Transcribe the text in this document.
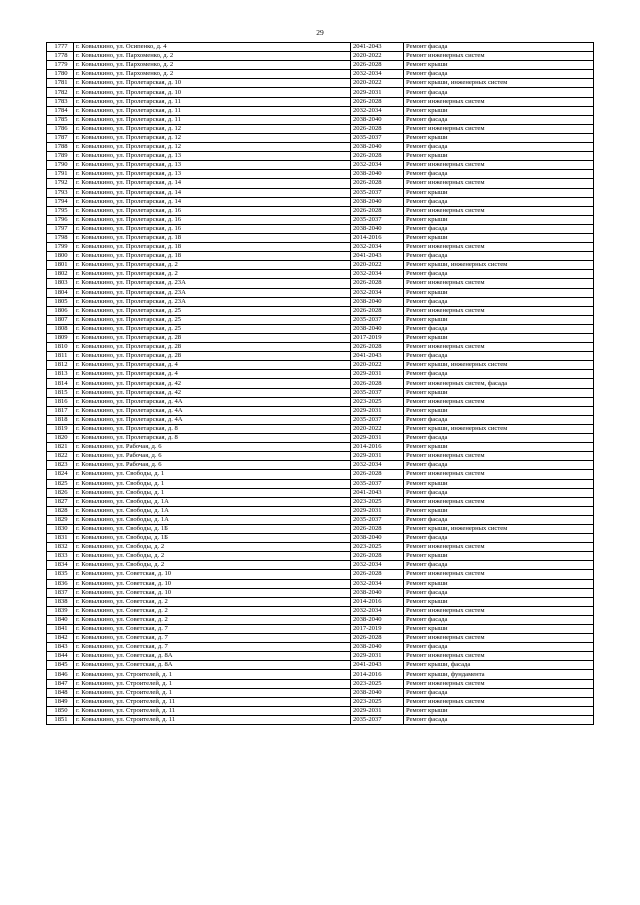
29
1777	г. Ковылкино, ул. Осипенко, д. 4	2041-2043	Ремонт фасада
1778	г. Ковылкино, ул. Пархоменко, д. 2	2020-2022	Ремонт инженерных систем
1779	г. Ковылкино, ул. Пархоменко, д. 2	2026-2028	Ремонт крыши
1780	г. Ковылкино, ул. Пархоменко, д. 2	2032-2034	Ремонт фасада
1781	г. Ковылкино, ул. Пролетарская, д. 10	2020-2022	Ремонт крыши, инженерных систем
1782	г. Ковылкино, ул. Пролетарская, д. 10	2029-2031	Ремонт фасада
1783	г. Ковылкино, ул. Пролетарская, д. 11	2026-2028	Ремонт инженерных систем
1784	г. Ковылкино, ул. Пролетарская, д. 11	2032-2034	Ремонт крыши
1785	г. Ковылкино, ул. Пролетарская, д. 11	2038-2040	Ремонт фасада
1786	г. Ковылкино, ул. Пролетарская, д. 12	2026-2028	Ремонт инженерных систем
1787	г. Ковылкино, ул. Пролетарская, д. 12	2035-2037	Ремонт крыши
1788	г. Ковылкино, ул. Пролетарская, д. 12	2038-2040	Ремонт фасада
1789	г. Ковылкино, ул. Пролетарская, д. 13	2026-2028	Ремонт крыши
1790	г. Ковылкино, ул. Пролетарская, д. 13	2032-2034	Ремонт инженерных систем
1791	г. Ковылкино, ул. Пролетарская, д. 13	2038-2040	Ремонт фасада
1792	г. Ковылкино, ул. Пролетарская, д. 14	2026-2028	Ремонт инженерных систем
1793	г. Ковылкино, ул. Пролетарская, д. 14	2035-2037	Ремонт крыши
1794	г. Ковылкино, ул. Пролетарская, д. 14	2038-2040	Ремонт фасада
1795	г. Ковылкино, ул. Пролетарская, д. 16	2026-2028	Ремонт инженерных систем
1796	г. Ковылкино, ул. Пролетарская, д. 16	2035-2037	Ремонт крыши
1797	г. Ковылкино, ул. Пролетарская, д. 16	2038-2040	Ремонт фасада
1798	г. Ковылкино, ул. Пролетарская, д. 18	2014-2016	Ремонт крыши
1799	г. Ковылкино, ул. Пролетарская, д. 18	2032-2034	Ремонт инженерных систем
1800	г. Ковылкино, ул. Пролетарская, д. 18	2041-2043	Ремонт фасада
1801	г. Ковылкино, ул. Пролетарская, д. 2	2020-2022	Ремонт крыши, инженерных систем
1802	г. Ковылкино, ул. Пролетарская, д. 2	2032-2034	Ремонт фасада
1803	г. Ковылкино, ул. Пролетарская, д. 23А	2026-2028	Ремонт инженерных систем
1804	г. Ковылкино, ул. Пролетарская, д. 23А	2032-2034	Ремонт крыши
1805	г. Ковылкино, ул. Пролетарская, д. 23А	2038-2040	Ремонт фасада
1806	г. Ковылкино, ул. Пролетарская, д. 25	2026-2028	Ремонт инженерных систем
1807	г. Ковылкино, ул. Пролетарская, д. 25	2035-2037	Ремонт крыши
1808	г. Ковылкино, ул. Пролетарская, д. 25	2038-2040	Ремонт фасада
1809	г. Ковылкино, ул. Пролетарская, д. 28	2017-2019	Ремонт крыши
1810	г. Ковылкино, ул. Пролетарская, д. 28	2026-2028	Ремонт инженерных систем
1811	г. Ковылкино, ул. Пролетарская, д. 28	2041-2043	Ремонт фасада
1812	г. Ковылкино, ул. Пролетарская, д. 4	2020-2022	Ремонт крыши, инженерных систем
1813	г. Ковылкино, ул. Пролетарская, д. 4	2029-2031	Ремонт фасада
1814	г. Ковылкино, ул. Пролетарская, д. 42	2026-2028	Ремонт инженерных систем, фасада
1815	г. Ковылкино, ул. Пролетарская, д. 42	2035-2037	Ремонт крыши
1816	г. Ковылкино, ул. Пролетарская, д. 4А	2023-2025	Ремонт инженерных систем
1817	г. Ковылкино, ул. Пролетарская, д. 4А	2029-2031	Ремонт крыши
1818	г. Ковылкино, ул. Пролетарская, д. 4А	2035-2037	Ремонт фасада
1819	г. Ковылкино, ул. Пролетарская, д. 8	2020-2022	Ремонт крыши, инженерных систем
1820	г. Ковылкино, ул. Пролетарская, д. 8	2029-2031	Ремонт фасада
1821	г. Ковылкино, ул. Рабочая, д. 6	2014-2016	Ремонт крыши
1822	г. Ковылкино, ул. Рабочая, д. 6	2029-2031	Ремонт инженерных систем
1823	г. Ковылкино, ул. Рабочая, д. 6	2032-2034	Ремонт фасада
1824	г. Ковылкино, ул. Свободы, д. 1	2026-2028	Ремонт инженерных систем
1825	г. Ковылкино, ул. Свободы, д. 1	2035-2037	Ремонт крыши
1826	г. Ковылкино, ул. Свободы, д. 1	2041-2043	Ремонт фасада
1827	г. Ковылкино, ул. Свободы, д. 1А	2023-2025	Ремонт инженерных систем
1828	г. Ковылкино, ул. Свободы, д. 1А	2029-2031	Ремонт крыши
1829	г. Ковылкино, ул. Свободы, д. 1А	2035-2037	Ремонт фасада
1830	г. Ковылкино, ул. Свободы, д. 1Б	2026-2028	Ремонт крыши, инженерных систем
1831	г. Ковылкино, ул. Свободы, д. 1Б	2038-2040	Ремонт фасада
1832	г. Ковылкино, ул. Свободы, д. 2	2023-2025	Ремонт инженерных систем
1833	г. Ковылкино, ул. Свободы, д. 2	2026-2028	Ремонт крыши
1834	г. Ковылкино, ул. Свободы, д. 2	2032-2034	Ремонт фасада
1835	г. Ковылкино, ул. Советская, д. 10	2026-2028	Ремонт инженерных систем
1836	г. Ковылкино, ул. Советская, д. 10	2032-2034	Ремонт крыши
1837	г. Ковылкино, ул. Советская, д. 10	2038-2040	Ремонт фасада
1838	г. Ковылкино, ул. Советская, д. 2	2014-2016	Ремонт крыши
1839	г. Ковылкино, ул. Советская, д. 2	2032-2034	Ремонт инженерных систем
1840	г. Ковылкино, ул. Советская, д. 2	2038-2040	Ремонт фасада
1841	г. Ковылкино, ул. Советская, д. 7	2017-2019	Ремонт крыши
1842	г. Ковылкино, ул. Советская, д. 7	2026-2028	Ремонт инженерных систем
1843	г. Ковылкино, ул. Советская, д. 7	2038-2040	Ремонт фасада
1844	г. Ковылкино, ул. Советская, д. 8А	2029-2031	Ремонт инженерных систем
1845	г. Ковылкино, ул. Советская, д. 8А	2041-2043	Ремонт крыши, фасада
1846	г. Ковылкино, ул. Строителей, д. 1	2014-2016	Ремонт крыши, фундамента
1847	г. Ковылкино, ул. Строителей, д. 1	2023-2025	Ремонт инженерных систем
1848	г. Ковылкино, ул. Строителей, д. 1	2038-2040	Ремонт фасада
1849	г. Ковылкино, ул. Строителей, д. 11	2023-2025	Ремонт инженерных систем
1850	г. Ковылкино, ул. Строителей, д. 11	2029-2031	Ремонт крыши
1851	г. Ковылкино, ул. Строителей, д. 11	2035-2037	Ремонт фасада
